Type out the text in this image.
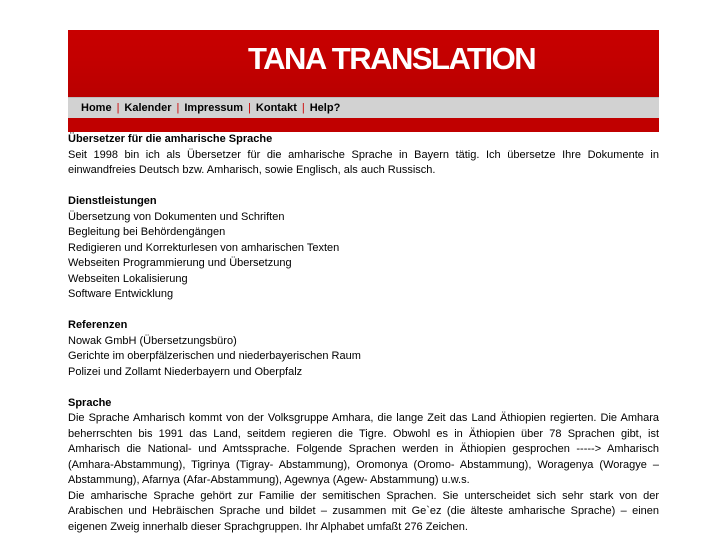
TANA TRANSLATION
Home | Kalender | Impressum | Kontakt | Help?

Übersetzer für die amharische Sprache

Seit 1998 bin ich als Übersetzer für die amharische Sprache in Bayern tätig. Ich übersetze Ihre Dokumente in einwandfreies Deutsch bzw. Amharisch, sowie Englisch, als auch Russisch.

Dienstleistungen

Übersetzung von Dokumenten und Schriften
Begleitung bei Behördengängen
Redigieren und Korrekturlesen von amharischen Texten
Webseiten Programmierung und Übersetzung
Webseiten Lokalisierung
Software Entwicklung

Referenzen

Nowak GmbH (Übersetzungsbüro)
Gerichte im oberpfälzerischen und niederbayerischen Raum
Polizei und Zollamt Niederbayern und Oberpfalz

Sprache

Die Sprache Amharisch kommt von der Volksgruppe Amhara, die lange Zeit das Land Äthiopien regierten. Die Amhara beherrschten bis 1991 das Land, seitdem regieren die Tigre. Obwohl es in Äthiopien über 78 Sprachen gibt, ist Amharisch die National- und Amtssprache. Folgende Sprachen werden in Äthiopien gesprochen -----> Amharisch (Amhara-Abstammung), Tigrinya (Tigray- Abstammung), Oromonya (Oromo- Abstammung), Woragenya (Woragye –Abstammung), Afarnya (Afar-Abstammung), Agewnya (Agew- Abstammung) u.w.s.

Die amharische Sprache gehört zur Familie der semitischen Sprachen. Sie unterscheidet sich sehr stark von der Arabischen und Hebräischen Sprache und bildet – zusammen mit Ge`ez (die älteste amharische Sprache) – einen eigenen Zweig innerhalb dieser Sprachgruppen. Ihr Alphabet umfaßt 276 Zeichen.
